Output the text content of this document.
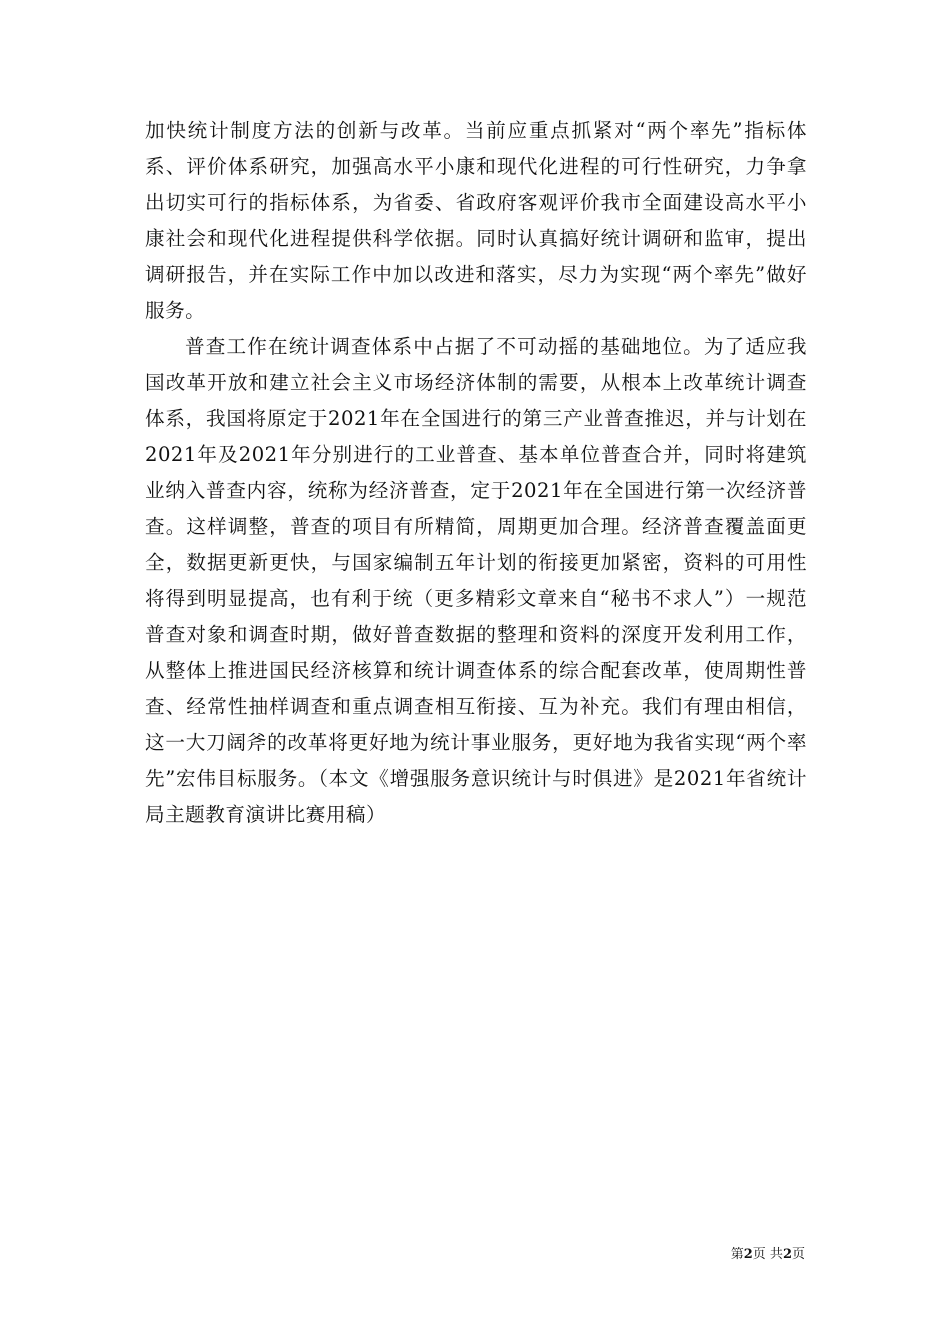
加快统计制度方法的创新与改革。当前应重点抓紧对“两个率先”指标体系、评价体系研究，加强高水平小康和现代化进程的可行性研究，力争拿出切实可行的指标体系，为省委、省政府客观评价我市全面建设高水平小康社会和现代化进程提供科学依据。同时认真搞好统计调研和监审，提出调研报告，并在实际工作中加以改进和落实，尽力为实现“两个率先”做好服务。

普查工作在统计调查体系中占据了不可动摇的基础地位。为了适应我国改革开放和建立社会主义市场经济体制的需要，从根本上改革统计调查体系，我国将原定于2021年在全国进行的第三产业普查推迟，并与计划在2021年及2021年分别进行的工业普查、基本单位普查合并，同时将建筑业纳入普查内容，统称为经济普查，定于2021年在全国进行第一次经济普查。这样调整，普查的项目有所精简，周期更加合理。经济普查覆盖面更全，数据更新更快，与国家编制五年计划的衔接更加紧密，资料的可用性将得到明显提高，也有利于统（更多精彩文章来自“秘书不求人”）一规范普查对象和调查时期，做好普查数据的整理和资料的深度开发利用工作，从整体上推进国民经济核算和统计调查体系的综合配套改革，使周期性普查、经常性抽样调查和重点调查相互衔接、互为补充。我们有理由相信，这一大刀阔斧的改革将更好地为统计事业服务，更好地为我省实现“两个率先”宏伟目标服务。（本文《增强服务意识统计与时俱进》是2021年省统计局主题教育演讲比赛用稿）

第2页 共2页
